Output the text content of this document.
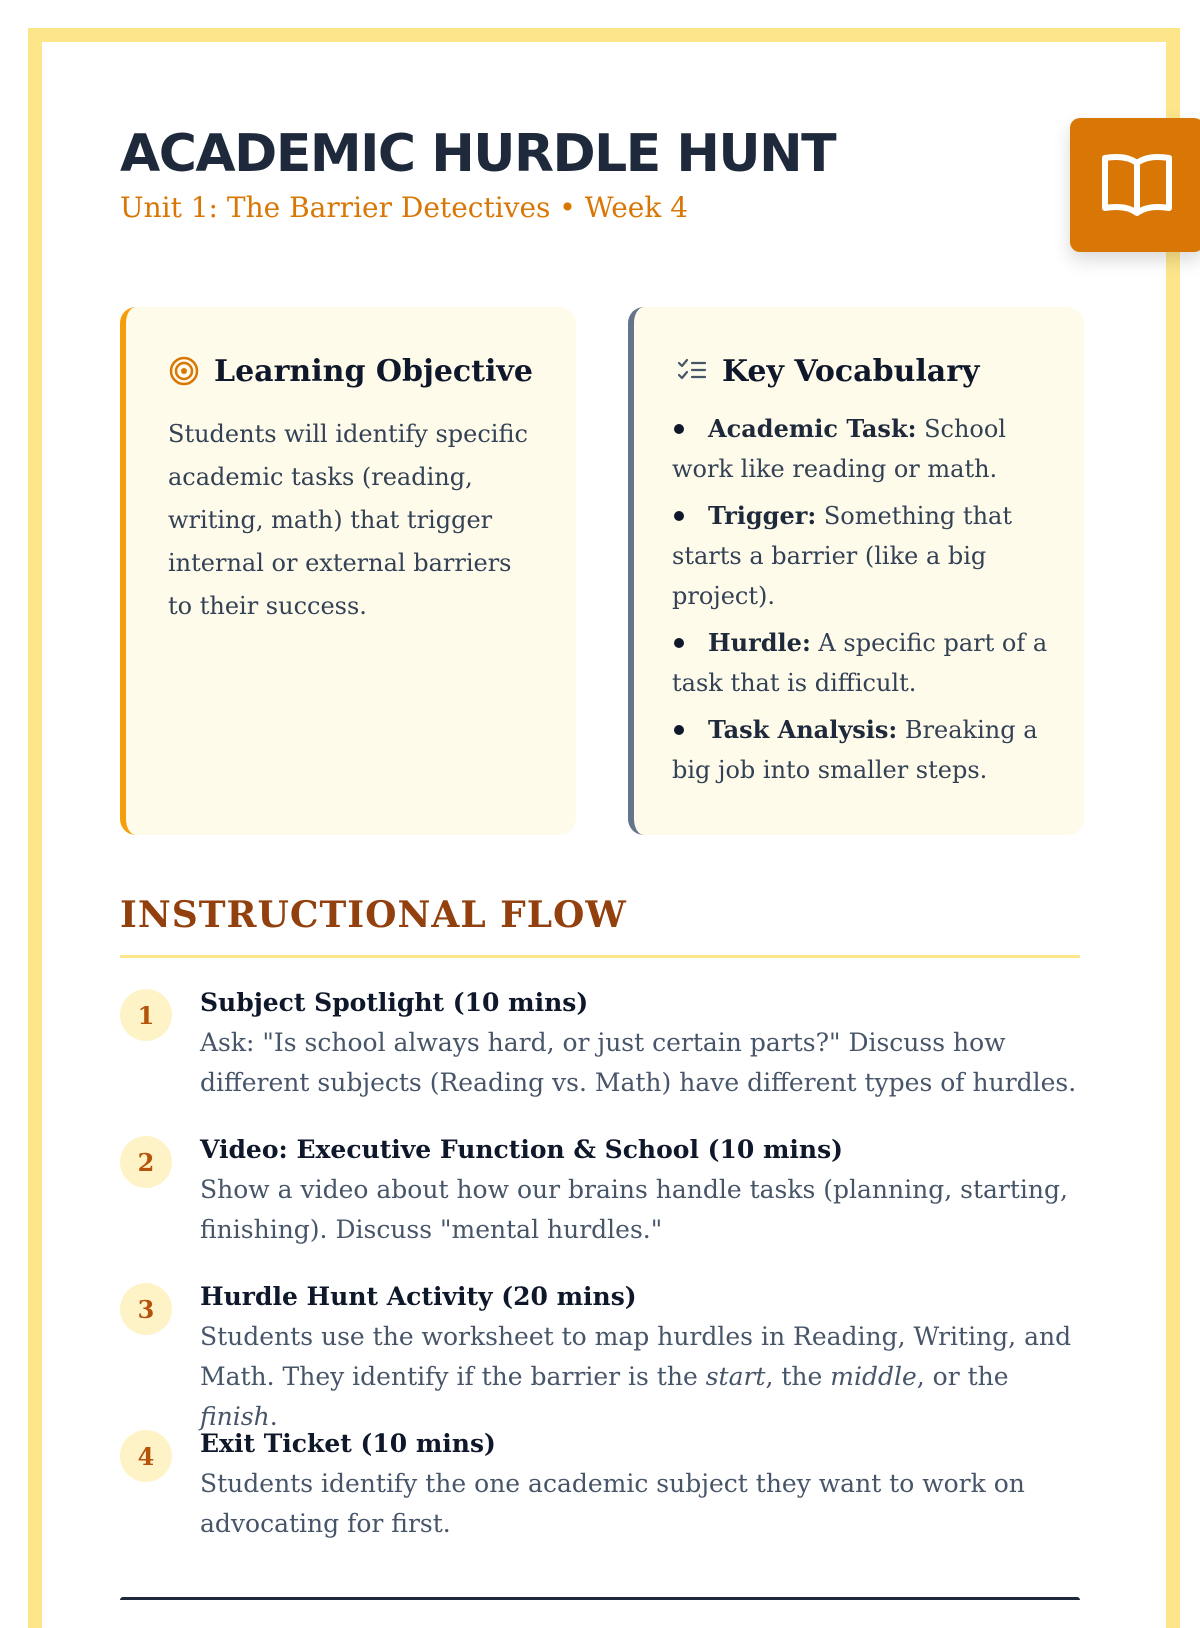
ACADEMIC HURDLE HUNT
Unit 1: The Barrier Detectives • Week 4
Learning Objective

Students will identify specific academic tasks (reading, writing, math) that trigger internal or external barriers to their success.

Key Vocabulary
Academic Task: School work like reading or math.
Trigger: Something that starts a barrier (like a big project).
Hurdle: A specific part of a task that is difficult.
Task Analysis: Breaking a big job into smaller steps.
INSTRUCTIONAL FLOW
1	Subject Spotlight (10 mins)
Ask: "Is school always hard, or just certain parts?" Discuss how different subjects (Reading vs. Math) have different types of hurdles.
2	Video: Executive Function & School (10 mins)
Show a video about how our brains handle tasks (planning, starting, finishing). Discuss "mental hurdles."
3	Hurdle Hunt Activity (20 mins)
Students use the worksheet to map hurdles in Reading, Writing, and Math. They identify if the barrier is the start, the middle, or the finish.
4	Exit Ticket (10 mins)
Students identify the one academic subject they want to work on advocating for first.
